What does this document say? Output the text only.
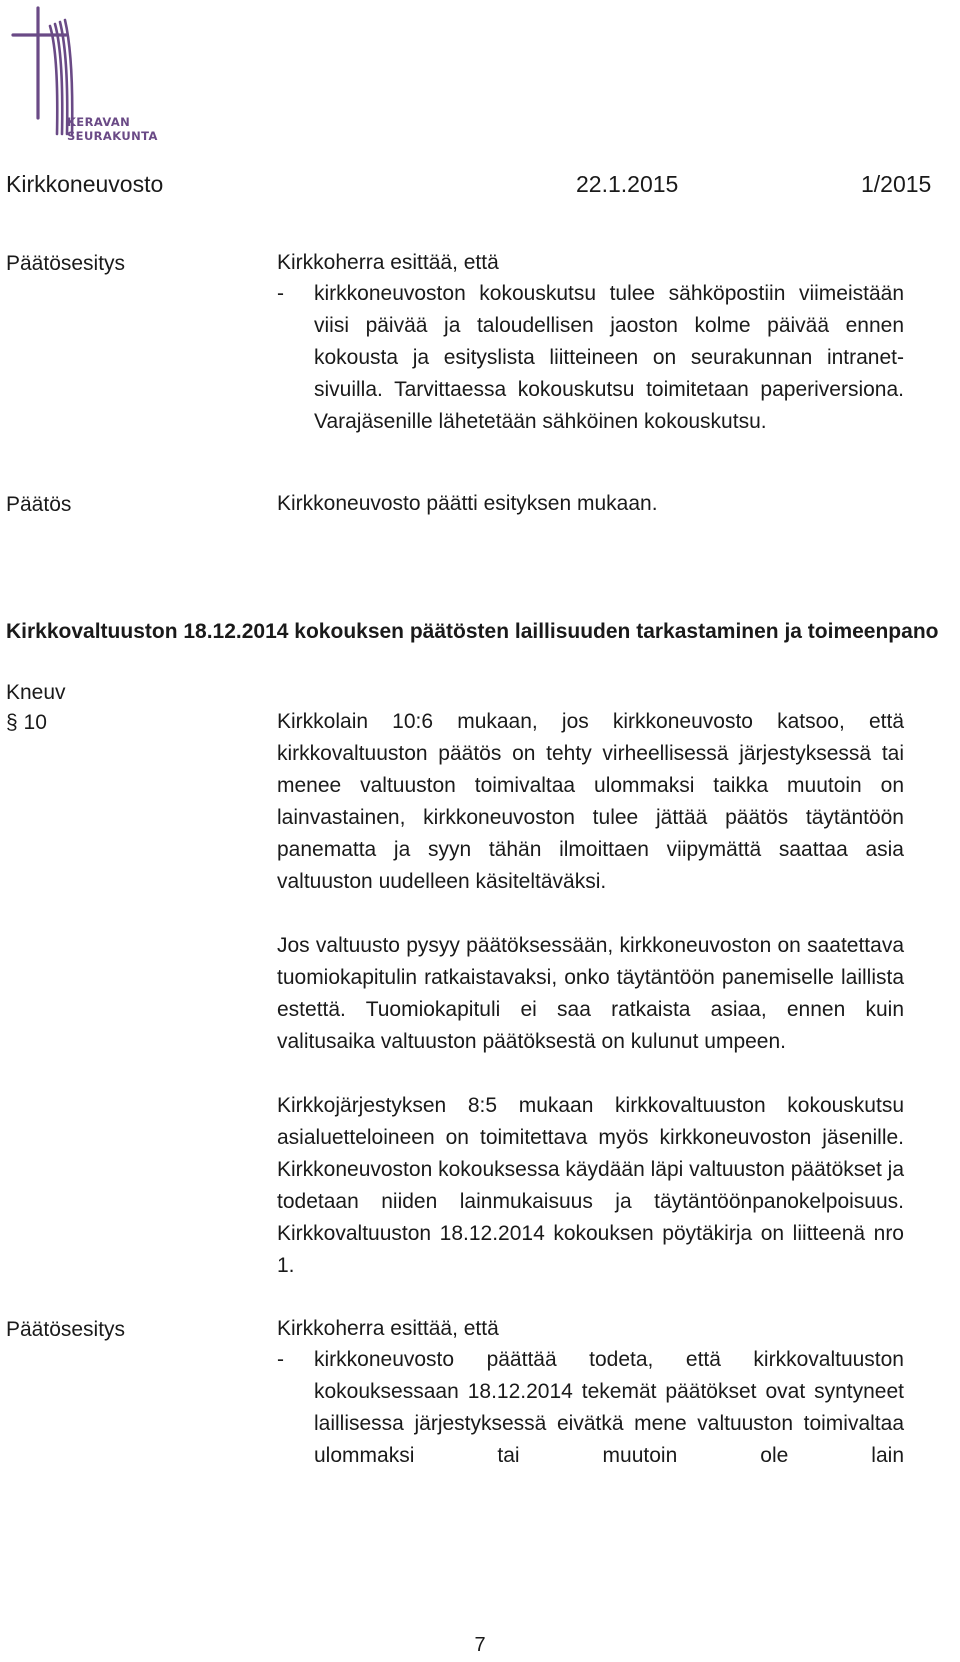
KERAVAN
SEURAKUNTA
Kirkkoneuvosto	22.1.2015	1/2015
Päätösesitys	Kirkkoherra esittää, että
- kirkkoneuvoston kokouskutsu tulee sähköpostiin viimeistään viisi päivää ja taloudellisen jaoston kolme päivää ennen kokousta ja esityslista liitteineen on seurakunnan intranet-sivuilla. Tarvittaessa kokouskutsu toimitetaan paperiversiona. Varajäsenille lähetetään sähköinen kokouskutsu.
Päätös	Kirkkoneuvosto päätti esityksen mukaan.
Kirkkovaltuuston 18.12.2014 kokouksen päätösten laillisuuden tarkastaminen ja toimeenpano
Kneuv
§ 10	Kirkkolain 10:6 mukaan, jos kirkkoneuvosto katsoo, että kirkkovaltuuston päätös on tehty virheellisessä järjestyksessä tai menee valtuuston toimivaltaa ulommaksi taikka muutoin on lainvastainen, kirkkoneuvoston tulee jättää päätös täytäntöön panematta ja syyn tähän ilmoittaen viipymättä saattaa asia valtuuston uudelleen käsiteltäväksi.

Jos valtuusto pysyy päätöksessään, kirkkoneuvoston on saatettava tuomiokapitulin ratkaistavaksi, onko täytäntöön panemiselle laillista estettä. Tuomiokapituli ei saa ratkaista asiaa, ennen kuin valitusaika valtuuston päätöksestä on kulunut umpeen.

Kirkkojärjestyksen 8:5 mukaan kirkkovaltuuston kokouskutsu asialuetteloineen on toimitettava myös kirkkoneuvoston jäsenille. Kirkkoneuvoston kokouksessa käydään läpi valtuuston päätökset ja todetaan niiden lainmukaisuus ja täytäntöönpanokelpoisuus. Kirkkovaltuuston 18.12.2014 kokouksen pöytäkirja on liitteenä nro 1.

Päätösesitys	Kirkkoherra esittää, että
- kirkkoneuvosto päättää todeta, että kirkkovaltuuston kokouksessaan 18.12.2014 tekemät päätökset ovat syntyneet laillisessa järjestyksessä eivätkä mene valtuuston toimivaltaa ulommaksi tai muutoin ole lain
7
